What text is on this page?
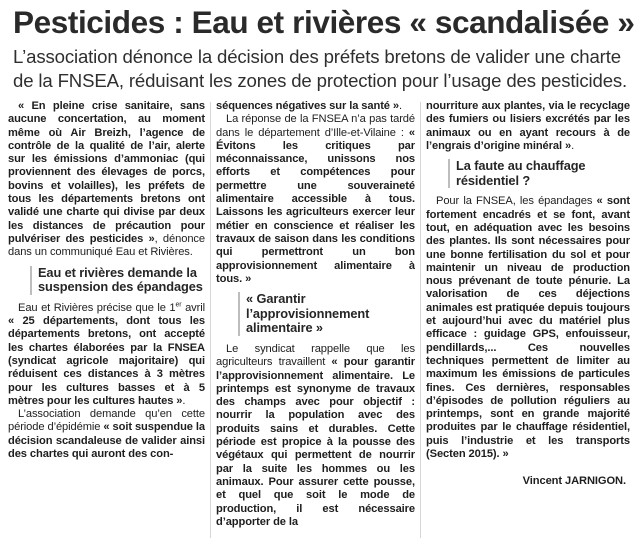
Pesticides : Eau et rivières « scandalisée »
L’association dénonce la décision des préfets bretons de valider une charte
de la FNSEA, réduisant les zones de protection pour l’usage des pesticides.

« En pleine crise sanitaire, sans aucune concertation, au moment même où Air Breizh, l’agence de contrôle de la qualité de l’air, alerte sur les émissions d’ammoniac (qui proviennent des élevages de porcs, bovins et volailles), les préfets de tous les départements bretons ont validé une charte qui divise par deux les distances de précaution pour pulvériser des pesticides », dénonce dans un communiqué Eau et Rivières.

Eau et rivières demande la suspension des épandages

Eau et Rivières précise que le 1er avril « 25 départements, dont tous les départements bretons, ont accepté les chartes élaborées par la FNSEA (syndicat agricole majoritaire) qui réduisent ces distances à 3 mètres pour les cultures basses et à 5 mètres pour les cultures hautes ».

L’association demande qu’en cette période d’épidémie « soit suspendue la décision scandaleuse de valider ainsi des chartes qui auront des con-

séquences négatives sur la santé ».

La réponse de la FNSEA n’a pas tardé dans le département d’Ille-et-Vilaine : « Évitons les critiques par méconnaissance, unissons nos efforts et compétences pour permettre une souveraineté alimentaire accessible à tous. Laissons les agriculteurs exercer leur métier en conscience et réaliser les travaux de saison dans les conditions qui permettront un bon approvisionnement alimentaire à tous. »

« Garantir l’approvisionnement alimentaire »

Le syndicat rappelle que les agriculteurs travaillent « pour garantir l’approvisionnement alimentaire. Le printemps est synonyme de travaux des champs avec pour objectif : nourrir la population avec des produits sains et durables. Cette période est propice à la pousse des végétaux qui permettent de nourrir par la suite les hommes ou les animaux. Pour assurer cette pousse, et quel que soit le mode de production, il est nécessaire d’apporter de la

nourriture aux plantes, via le recyclage des fumiers ou lisiers excrétés par les animaux ou en ayant recours à de l’engrais d’origine minéral ».

La faute au chauffage résidentiel ?

Pour la FNSEA, les épandages « sont fortement encadrés et se font, avant tout, en adéquation avec les besoins des plantes. Ils sont nécessaires pour une bonne fertilisation du sol et pour maintenir un niveau de production nous prévenant de toute pénurie. La valorisation de ces déjections animales est pratiquée depuis toujours et aujourd’hui avec du matériel plus efficace : guidage GPS, enfouisseur, pendillards,... Ces nouvelles techniques permettent de limiter au maximum les émissions de particules fines. Ces dernières, responsables d’épisodes de pollution réguliers au printemps, sont en grande majorité produites par le chauffage résidentiel, puis l’industrie et les transports (Secten 2015). »

Vincent JARNIGON.
